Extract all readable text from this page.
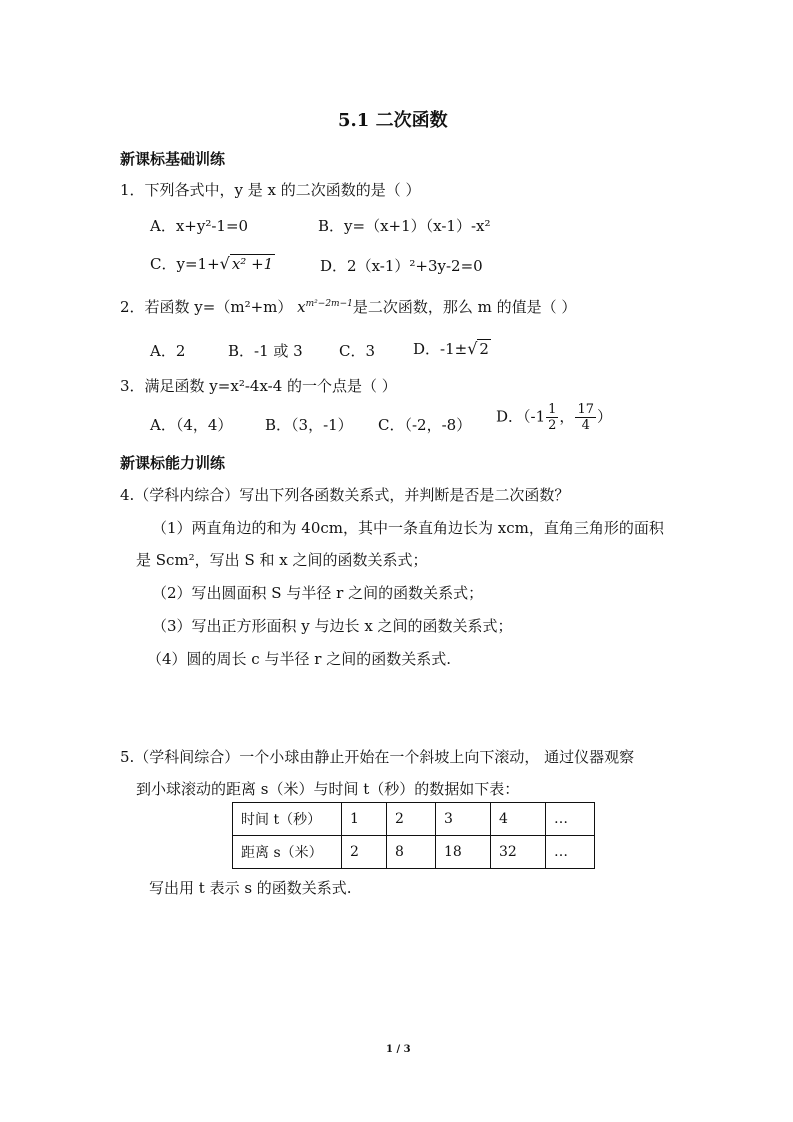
5.1 二次函数
新课标基础训练
1．下列各式中，y 是 x 的二次函数的是（ ）
A．x+y²-1=0	B．y=（x+1）（x-1）-x²
C．y=1+√ x² +1	D．2（x-1）²+3y-2=0
2．若函数 y=（m²+m） $x^{m^2-2m-1}$是二次函数，那么 m 的值是（ ）
A．2	B．-1 或 3 C．3	D．-1±√ 2
3．满足函数 y=x²-4x-4 的一个点是（ ）
A．（4，4） B．（3，-1） C．（-2，-8） D．（$-1 \frac{1}{2}$ ， $\frac{17}{4}$ ）
新课标能力训练
4.（学科内综合）写出下列各函数关系式，并判断是否是二次函数？
（1）两直角边的和为 40cm，其中一条直角边长为 xcm，直角三角形的面积
是 Scm²，写出 S 和 x 之间的函数关系式；
（2）写出圆面积 S 与半径 r 之间的函数关系式；
（3）写出正方形面积 y 与边长 x 之间的函数关系式；
（4）圆的周长 c 与半径 r 之间的函数关系式.
5.（学科间综合）一个小球由静止开始在一个斜坡上向下滚动， 通过仪器观察
到小球滚动的距离 s（米）与时间 t（秒）的数据如下表：
时间 t（秒）	1	2	3	4	…
距离 s（米）	2	8	18	32	…
写出用 t 表示 s 的函数关系式.
1 / 3
